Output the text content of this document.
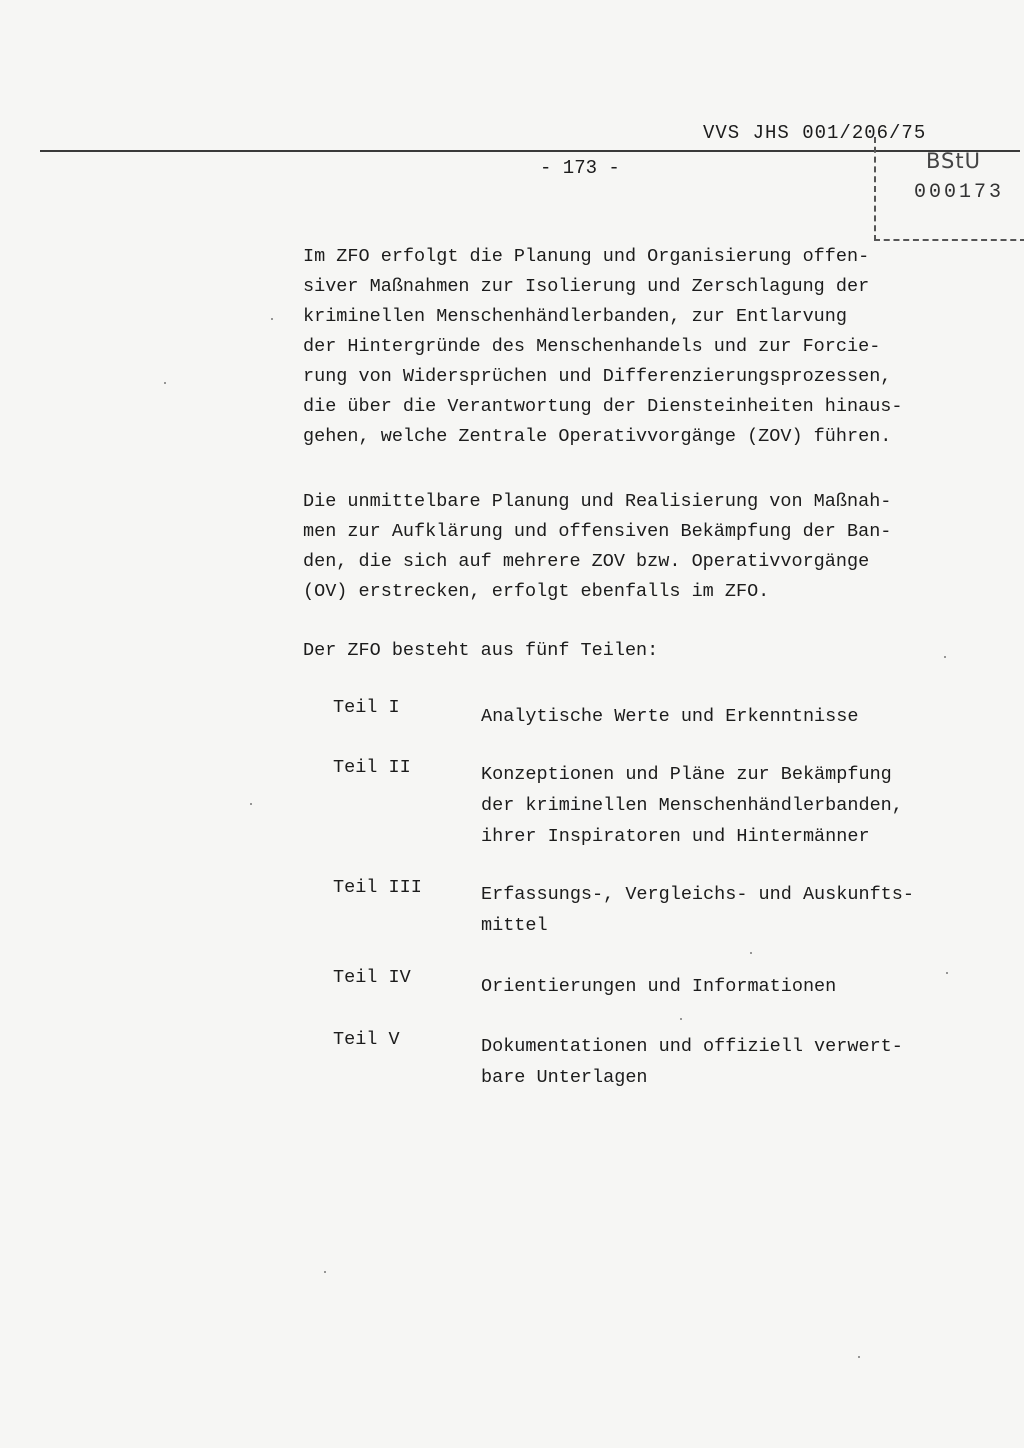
VVS JHS 001/206/75
- 173 -	BStU
000173

Im ZFO erfolgt die Planung und Organisierung offen-
siver Maßnahmen zur Isolierung und Zerschlagung der
kriminellen Menschenhändlerbanden, zur Entlarvung
der Hintergründe des Menschenhandels und zur Forcie-
rung von Widersprüchen und Differenzierungsprozessen,
die über die Verantwortung der Diensteinheiten hinaus-
gehen, welche Zentrale Operativvorgänge (ZOV) führen.

Die unmittelbare Planung und Realisierung von Maßnah-
men zur Aufklärung und offensiven Bekämpfung der Ban-
den, die sich auf mehrere ZOV bzw. Operativvorgänge
(OV) erstrecken, erfolgt ebenfalls im ZFO.

Der ZFO besteht aus fünf Teilen:

Teil I	Analytische Werte und Erkenntnisse

Teil II	Konzeptionen und Pläne zur Bekämpfung
der kriminellen Menschenhändlerbanden,
ihrer Inspiratoren und Hintermänner

Teil III	Erfassungs-, Vergleichs- und Auskunfts-
mittel

Teil IV	Orientierungen und Informationen

Teil V	Dokumentationen und offiziell verwert-
bare Unterlagen
